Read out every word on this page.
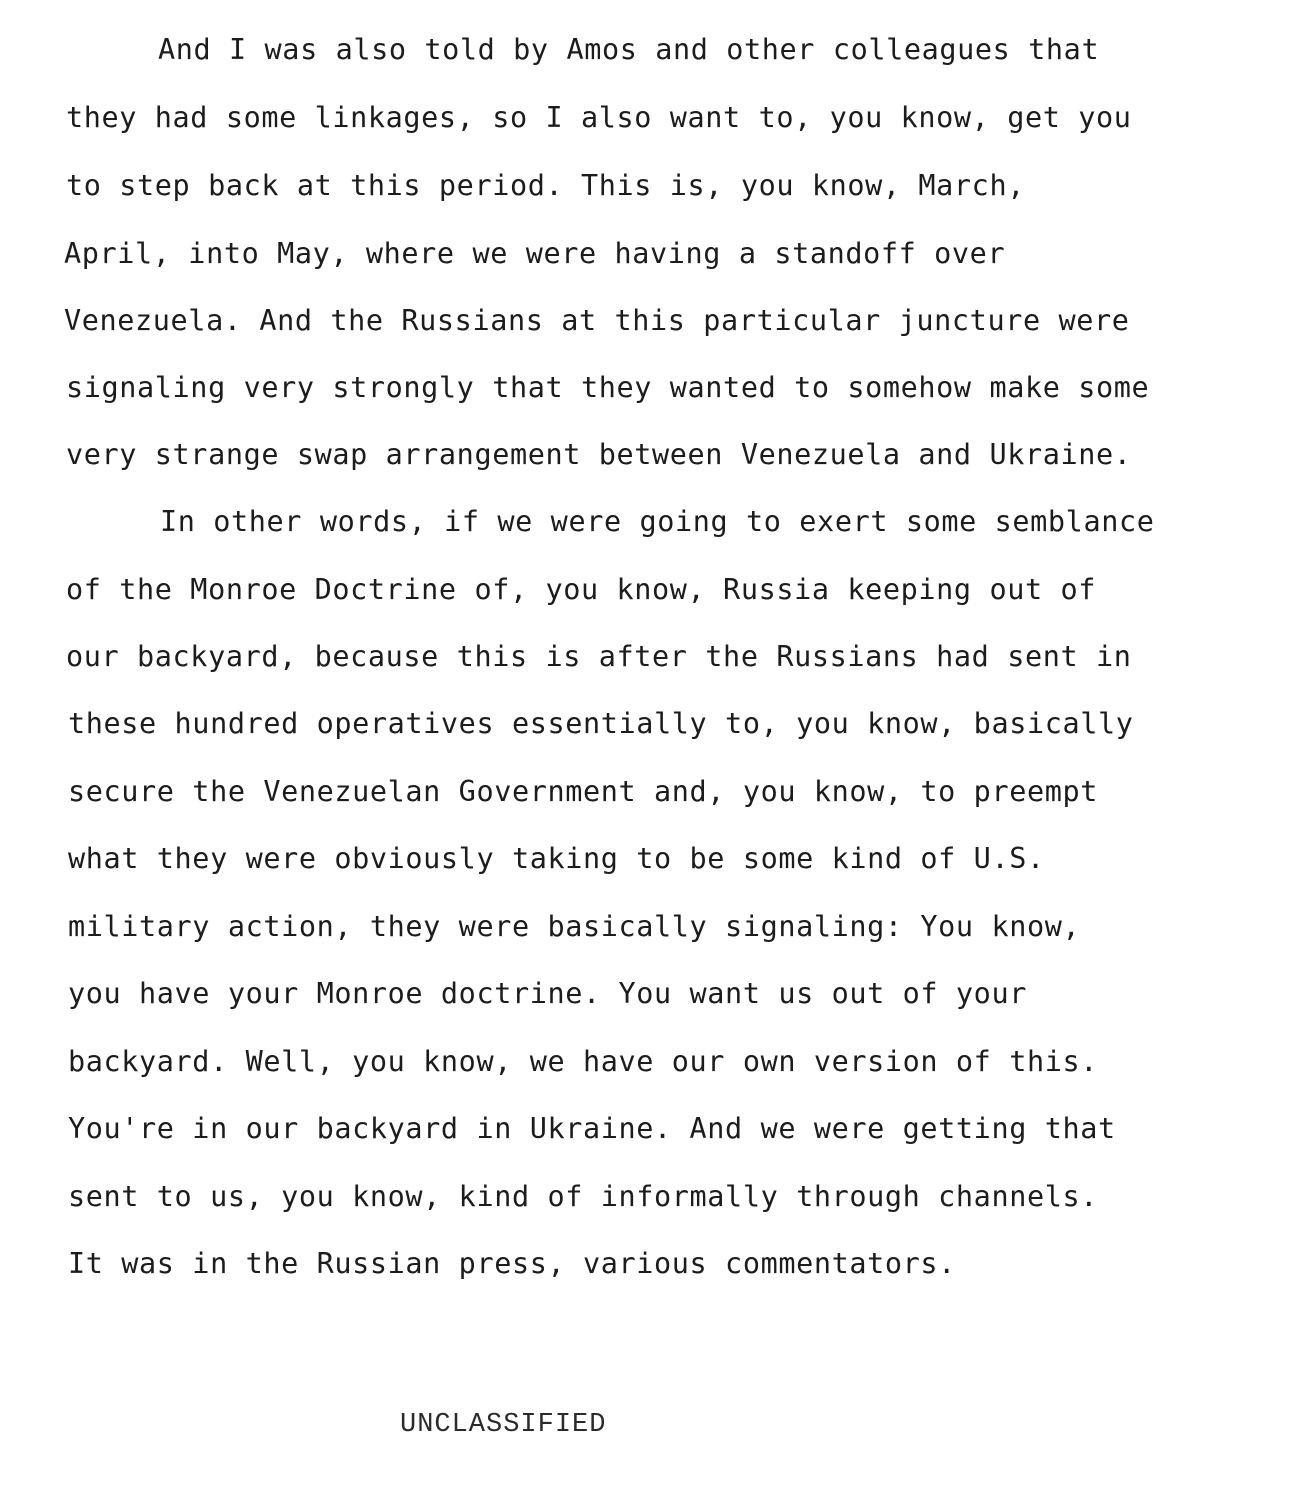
And I was also told by Amos and other colleagues that
they had some linkages, so I also want to, you know, get you
to step back at this period. This is, you know, March,
April, into May, where we were having a standoff over
Venezuela. And the Russians at this particular juncture were
signaling very strongly that they wanted to somehow make some
very strange swap arrangement between Venezuela and Ukraine.
In other words, if we were going to exert some semblance
of the Monroe Doctrine of, you know, Russia keeping out of
our backyard, because this is after the Russians had sent in
these hundred operatives essentially to, you know, basically
secure the Venezuelan Government and, you know, to preempt
what they were obviously taking to be some kind of U.S.
military action, they were basically signaling: You know,
you have your Monroe doctrine. You want us out of your
backyard. Well, you know, we have our own version of this.
You're in our backyard in Ukraine. And we were getting that
sent to us, you know, kind of informally through channels.
It was in the Russian press, various commentators.
UNCLASSIFIED
